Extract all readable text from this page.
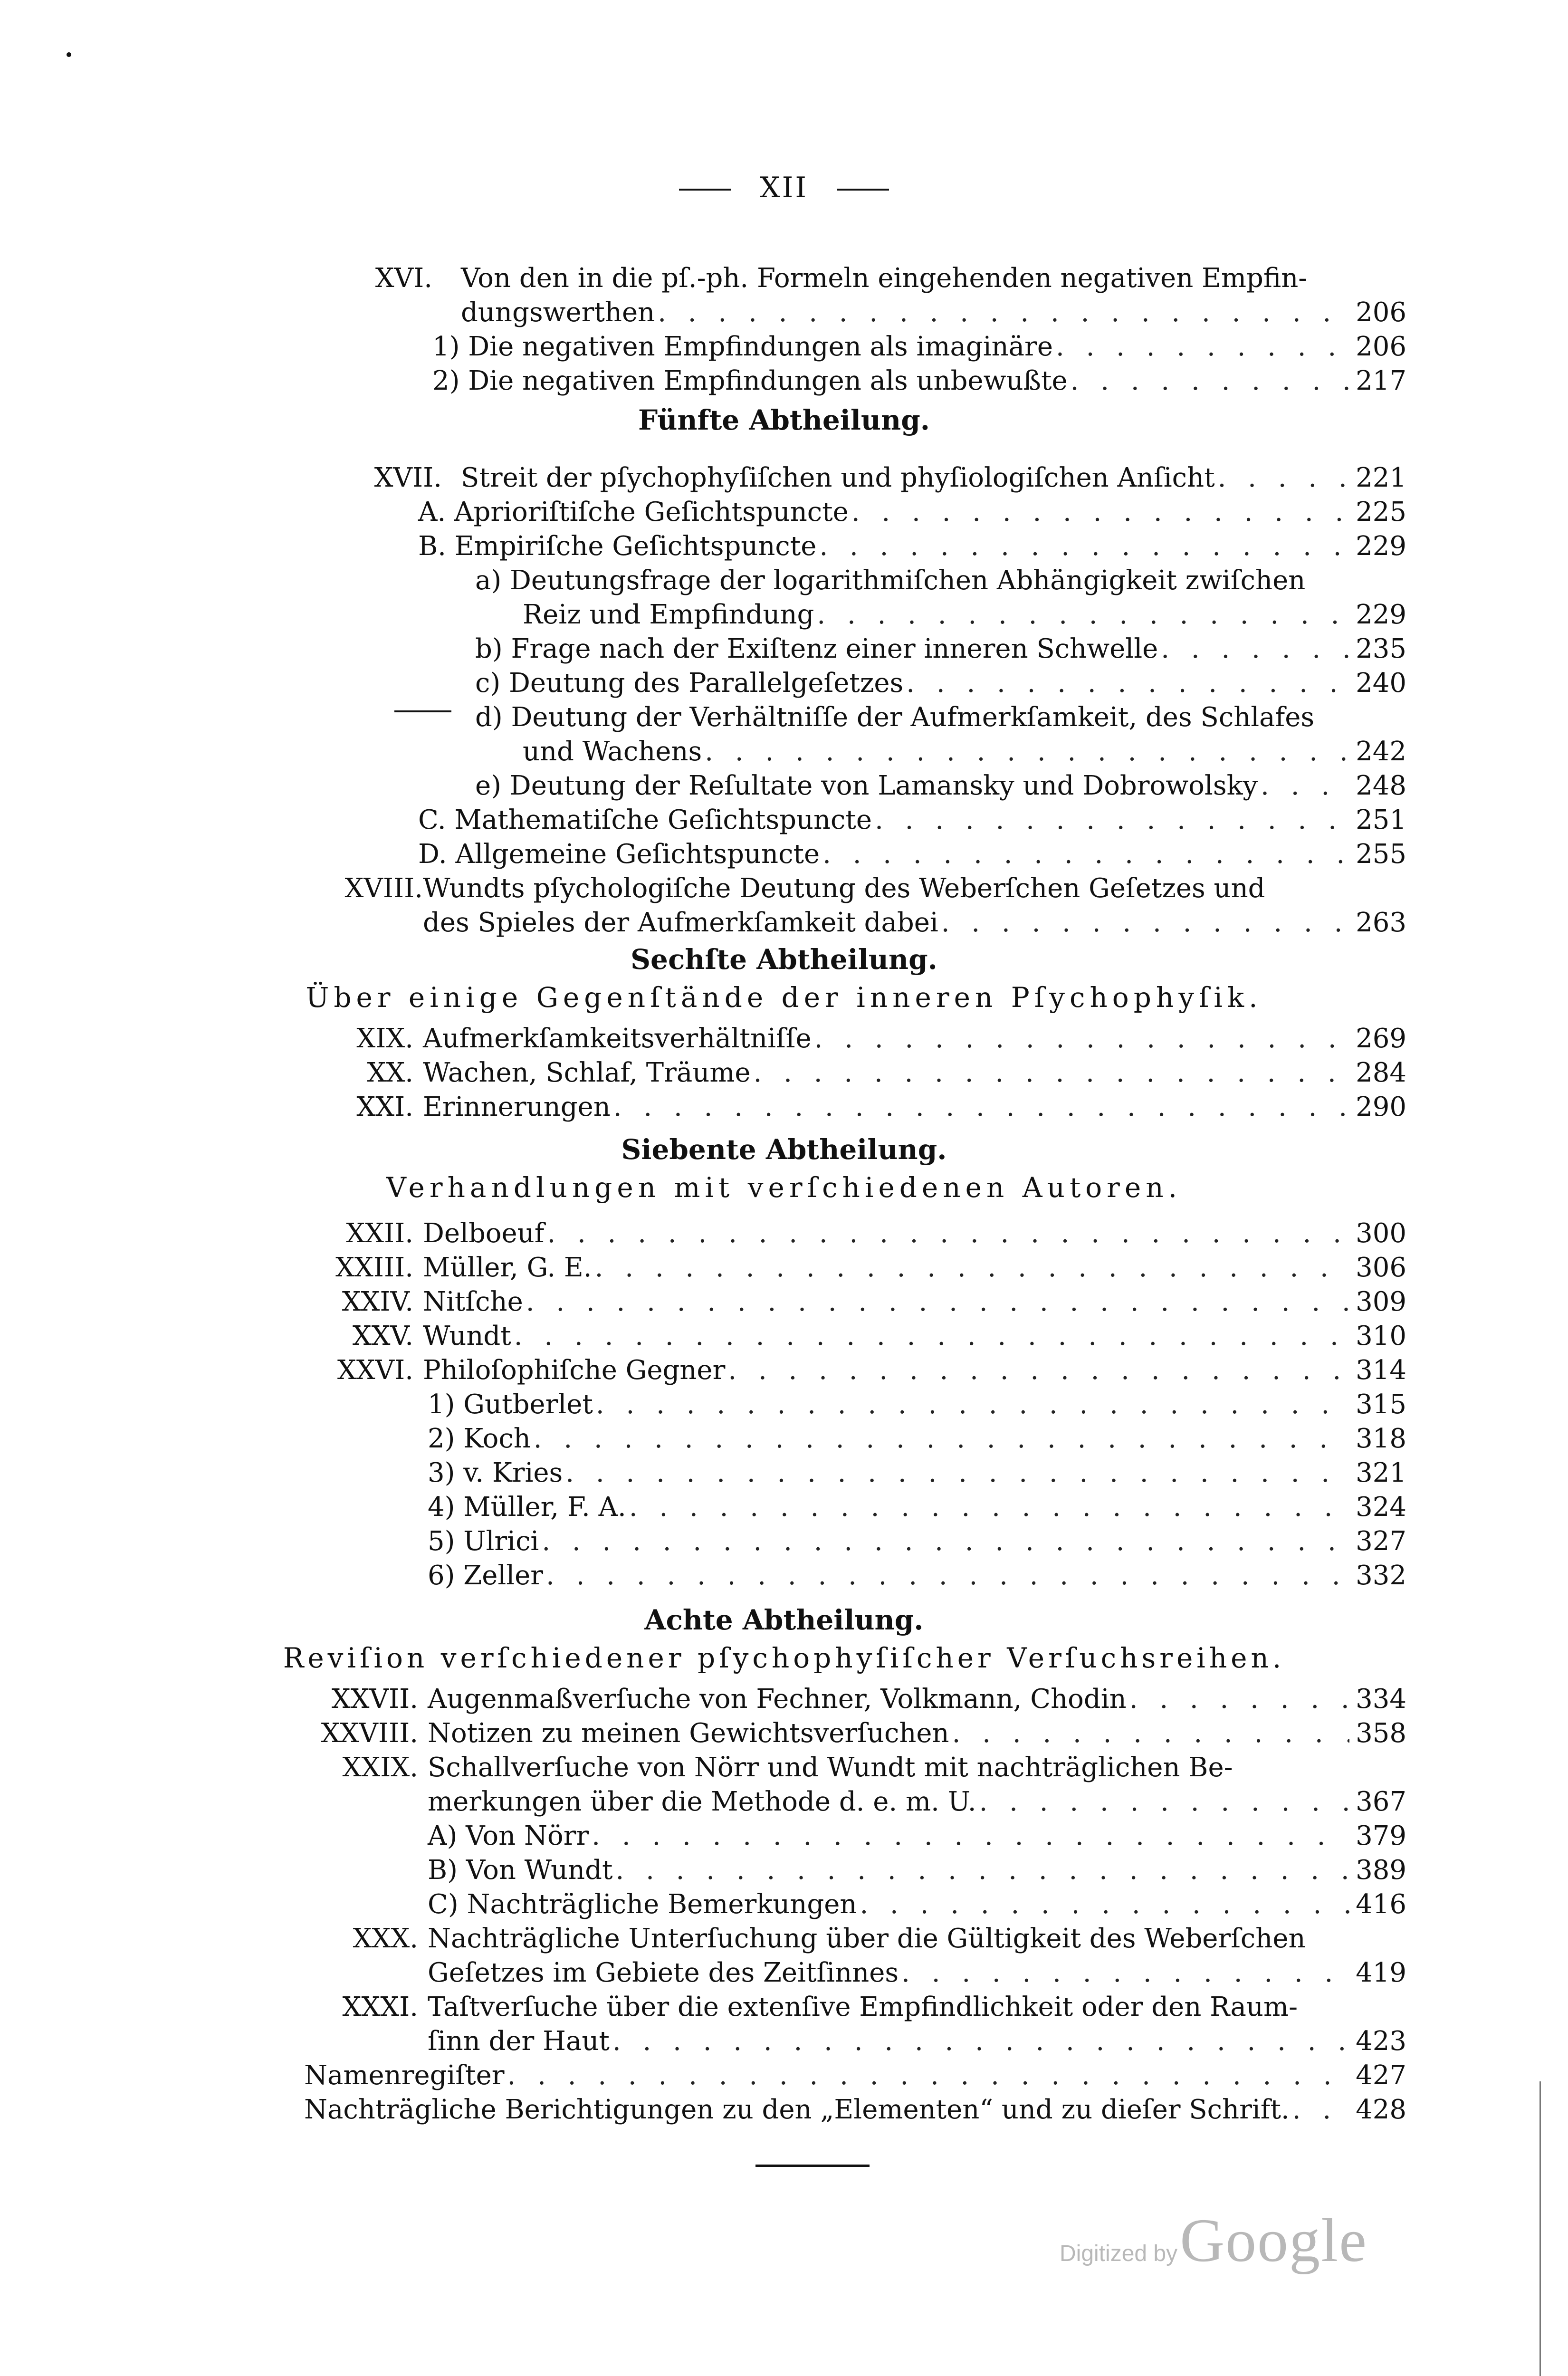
XII
XVI. Von den in die pſ.-ph. Formeln eingehenden negativen Empfin-
dungswerthen . . .	206
1) Die negativen Empfindungen als imaginäre . . .	206
2) Die negativen Empfindungen als unbewußte . . .	217
Fünfte Abtheilung.
XVII. Streit der pſychophyſiſchen und phyſiologiſchen Anſicht . . .	221
A. Aprioriſtiſche Geſichtspuncte . . .	225
B. Empiriſche Geſichtspuncte . . .	229
a) Deutungsfrage der logarithmiſchen Abhängigkeit zwiſchen
Reiz und Empfindung . . .	229
b) Frage nach der Exiſtenz einer inneren Schwelle . . .	235
c) Deutung des Parallelgeſetzes . . .	240
d) Deutung der Verhältniſſe der Aufmerkſamkeit, des Schlafes
und Wachens . . .	242
e) Deutung der Reſultate von Lamansky und Dobrowolsky . . .	248
C. Mathematiſche Geſichtspuncte . . .	251
D. Allgemeine Geſichtspuncte . . .	255
XVIII. Wundts pſychologiſche Deutung des Weberſchen Geſetzes und
des Spieles der Aufmerkſamkeit dabei . . .	263
Sechſte Abtheilung.
Über einige Gegenſtände der inneren Pſychophyſik.
XIX. Aufmerkſamkeitsverhältniſſe . . .	269
XX. Wachen, Schlaf, Träume . . .	284
XXI. Erinnerungen . . .	290
Siebente Abtheilung.
Verhandlungen mit verſchiedenen Autoren.
XXII. Delboeuf . . .	300
XXIII. Müller, G. E. . . .	306
XXIV. Nitſche . . .	309
XXV. Wundt . . .	310
XXVI. Philoſophiſche Gegner . . .	314
1) Gutberlet . . .	315
2) Koch . . .	318
3) v. Kries . . .	321
4) Müller, F. A. . . .	324
5) Ulrici . . .	327
6) Zeller . . .	332
Achte Abtheilung.
Reviſion verſchiedener pſychophyſiſcher Verſuchsreihen.
XXVII. Augenmaßverſuche von Fechner, Volkmann, Chodin . . .	334
XXVIII. Notizen zu meinen Gewichtsverſuchen . . .	358
XXIX. Schallverſuche von Nörr und Wundt mit nachträglichen Be-
merkungen über die Methode d. e. m. U. . . .	367
A) Von Nörr . . .	379
B) Von Wundt . . .	389
C) Nachträgliche Bemerkungen . . .	416
XXX. Nachträgliche Unterſuchung über die Gültigkeit des Weberſchen
Geſetzes im Gebiete des Zeitſinnes . . .	419
XXXI. Taſtverſuche über die extenſive Empfindlichkeit oder den Raum-
ſinn der Haut . . .	423
Namenregiſter . . .	427
Nachträgliche Berichtigungen zu den „Elementen“ und zu dieſer Schrift. . . . 428
Digitized by Google
